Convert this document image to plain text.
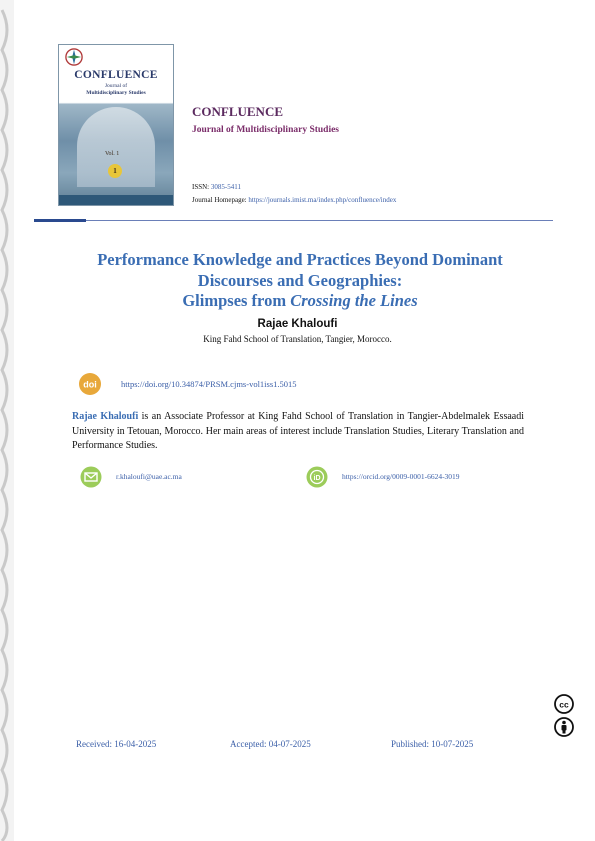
CONFLUENCE
Journal of
Multidisciplinary Studies
Vol. 1
1
CONFLUENCE
Journal of Multidisciplinary Studies
ISSN: 3085-5411
Journal Homepage: https://journals.imist.ma/index.php/confluence/index
Performance Knowledge and Practices Beyond Dominant
Discourses and Geographies:
Glimpses from Crossing the Lines
Rajae Khaloufi
King Fahd School of Translation, Tangier, Morocco.
doi	https://doi.org/10.34874/PRSM.cjms-vol1iss1.5015
Rajae Khaloufi is an Associate Professor at King Fahd School of Translation in Tangier-Abdelmalek Essaadi University in Tetouan, Morocco. Her main areas of interest include Translation Studies, Literary Translation and Performance Studies.
r.khaloufi@uae.ac.ma	iD	https://orcid.org/0009-0001-6624-3019
cc
Received: 16-04-2025	Accepted: 04-07-2025	Published: 10-07-2025
